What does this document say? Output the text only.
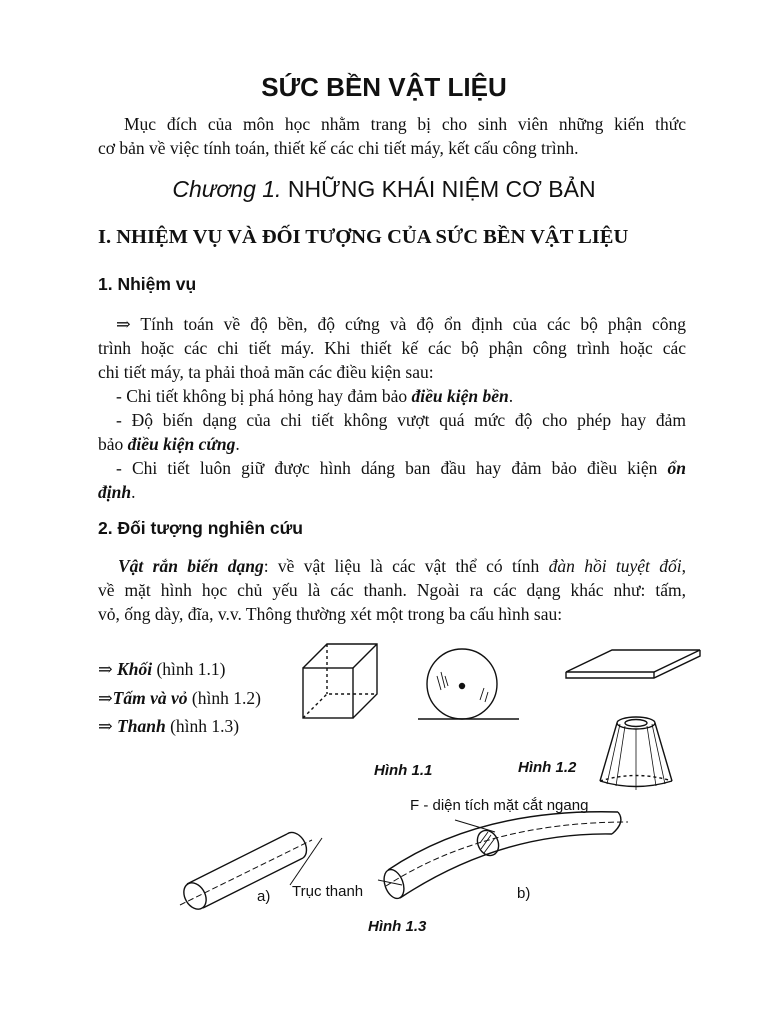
SỨC BỀN VẬT LIỆU
Mục đích của môn học nhằm trang bị cho sinh viên những kiến thức
cơ bản về việc tính toán, thiết kế các chi tiết máy, kết cấu công trình.
Chương 1. NHỮNG KHÁI NIỆM CƠ BẢN
I. NHIỆM VỤ VÀ ĐỐI TƯỢNG CỦA SỨC BỀN VẬT LIỆU
1. Nhiệm vụ
⇒ Tính toán về độ bền, độ cứng và độ ổn định của các bộ phận công
trình hoặc các chi tiết máy. Khi thiết kế các bộ phận công trình hoặc các
chi tiết máy, ta phải thoả mãn các điều kiện sau:
- Chi tiết không bị phá hỏng hay đảm bảo điều kiện bền.
- Độ biến dạng của chi tiết không vượt quá mức độ cho phép hay đảm
bảo điều kiện cứng.
- Chi tiết luôn giữ được hình dáng ban đầu hay đảm bảo điều kiện ổn
định.
2. Đối tượng nghiên cứu
Vật rắn biến dạng: về vật liệu là các vật thể có tính đàn hồi tuyệt đối,
về mặt hình học chủ yếu là các thanh. Ngoài ra các dạng khác như: tấm,
vỏ, ống dày, đĩa, v.v. Thông thường xét một trong ba cấu hình sau:
⇒ Khối (hình 1.1)
⇒Tấm và vỏ (hình 1.2)
⇒ Thanh (hình 1.3)
Hình 1.1	Hình 1.2
F - diện tích mặt cắt ngang
Trục thanh
a)	b)
Hình 1.3
